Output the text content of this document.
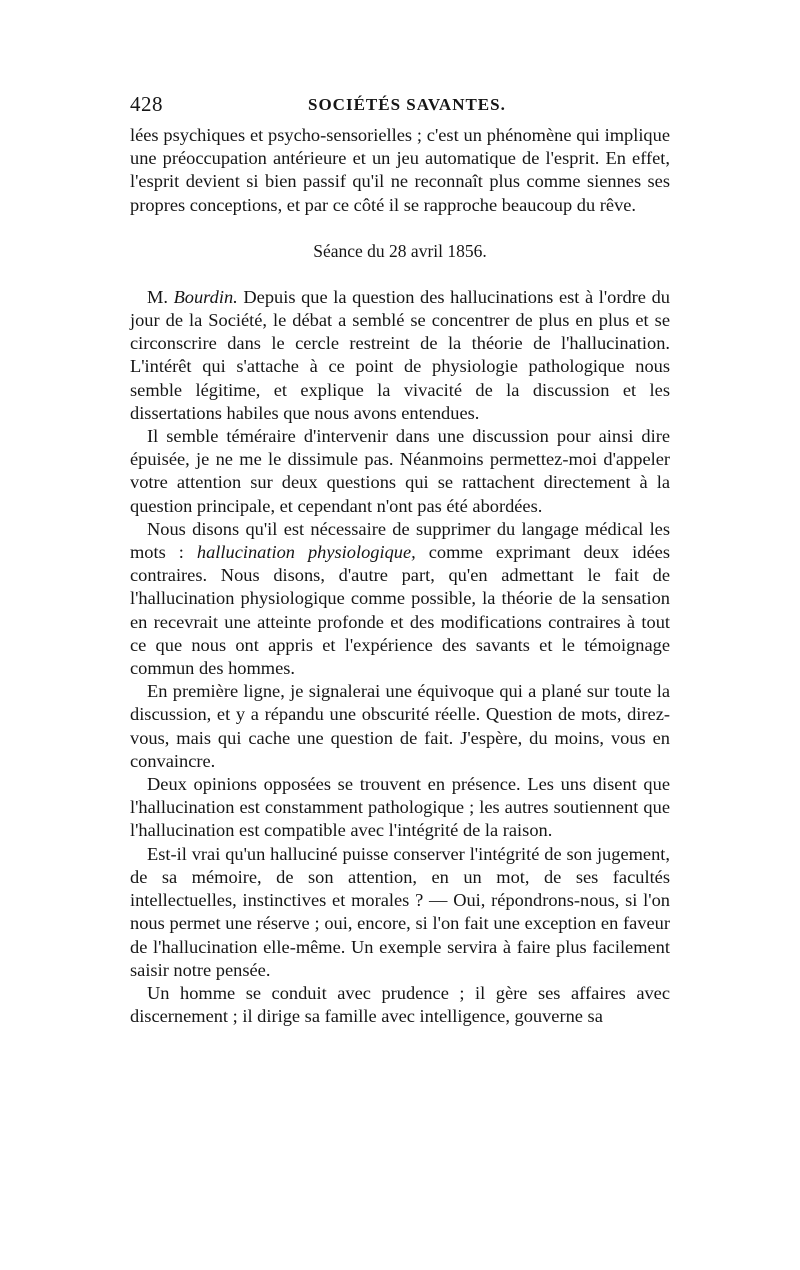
428	SOCIÉTÉS SAVANTES.

lées psychiques et psycho-sensorielles ; c'est un phénomène qui implique une préoccupation antérieure et un jeu automatique de l'esprit. En effet, l'esprit devient si bien passif qu'il ne reconnaît plus comme siennes ses propres conceptions, et par ce côté il se rapproche beaucoup du rêve.

Séance du 28 avril 1856.

M. Bourdin. Depuis que la question des hallucinations est à l'ordre du jour de la Société, le débat a semblé se concentrer de plus en plus et se circonscrire dans le cercle restreint de la théorie de l'hallucination. L'intérêt qui s'attache à ce point de physiologie pathologique nous semble légitime, et explique la vivacité de la discussion et les dissertations habiles que nous avons entendues.

Il semble téméraire d'intervenir dans une discussion pour ainsi dire épuisée, je ne me le dissimule pas. Néanmoins permettez-moi d'appeler votre attention sur deux questions qui se rattachent directement à la question principale, et cependant n'ont pas été abordées.

Nous disons qu'il est nécessaire de supprimer du langage médical les mots : hallucination physiologique, comme exprimant deux idées contraires. Nous disons, d'autre part, qu'en admettant le fait de l'hallucination physiologique comme possible, la théorie de la sensation en recevrait une atteinte profonde et des modifications contraires à tout ce que nous ont appris et l'expérience des savants et le témoignage commun des hommes.

En première ligne, je signalerai une équivoque qui a plané sur toute la discussion, et y a répandu une obscurité réelle. Question de mots, direz-vous, mais qui cache une question de fait. J'espère, du moins, vous en convaincre.

Deux opinions opposées se trouvent en présence. Les uns disent que l'hallucination est constamment pathologique ; les autres soutiennent que l'hallucination est compatible avec l'intégrité de la raison.

Est-il vrai qu'un halluciné puisse conserver l'intégrité de son jugement, de sa mémoire, de son attention, en un mot, de ses facultés intellectuelles, instinctives et morales ? — Oui, répondrons-nous, si l'on nous permet une réserve ; oui, encore, si l'on fait une exception en faveur de l'hallucination elle-même. Un exemple servira à faire plus facilement saisir notre pensée.

Un homme se conduit avec prudence ; il gère ses affaires avec discernement ; il dirige sa famille avec intelligence, gouverne sa
